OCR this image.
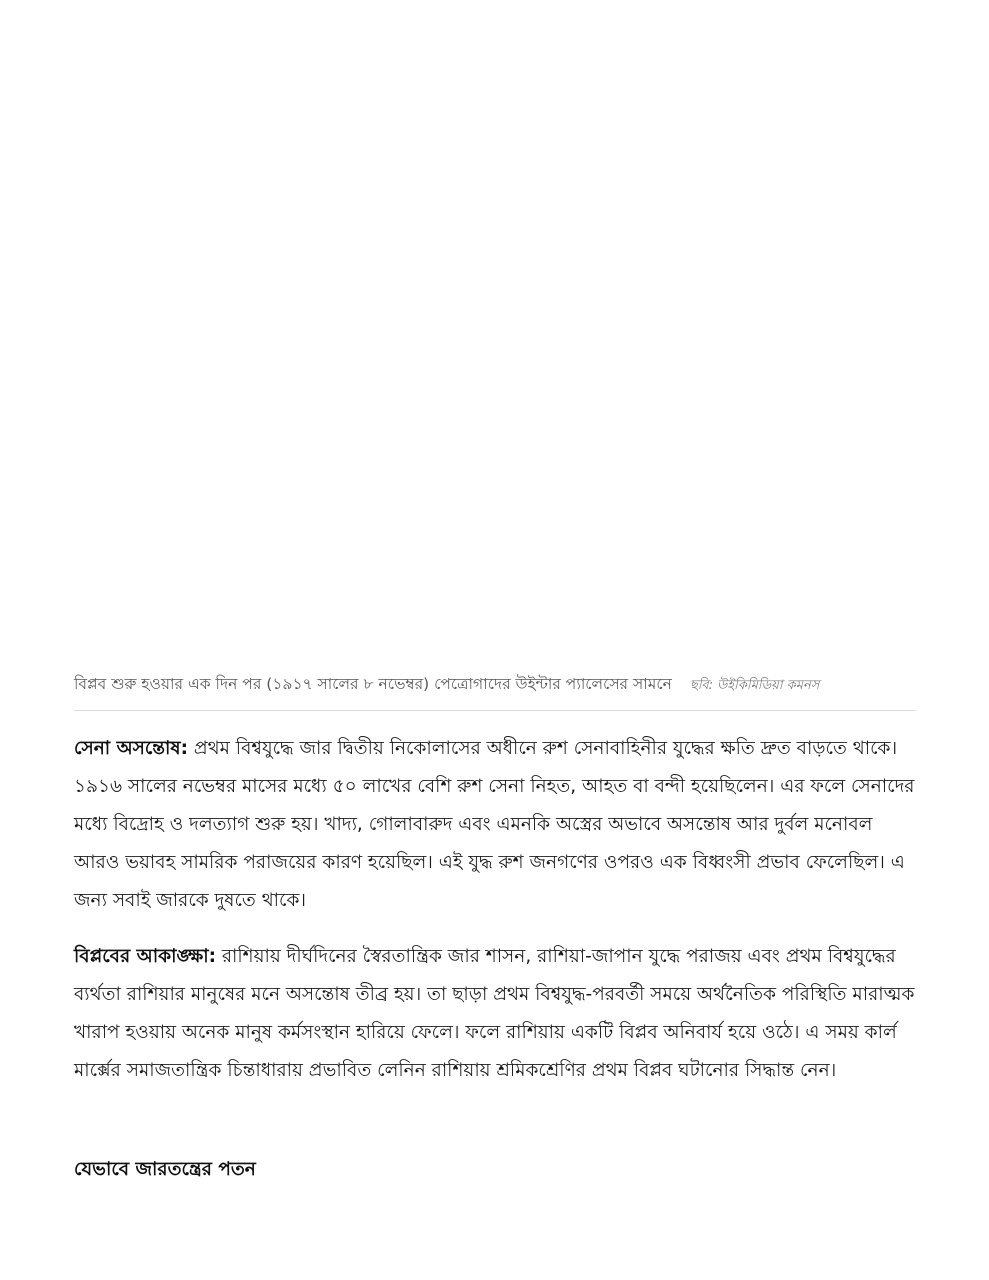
বিপ্লব শুরু হওয়ার এক দিন পর (১৯১৭ সালের ৮ নভেম্বর) পেত্রোগাদের উইন্টার প্যালেসের সামনে ছবি: উইকিমিডিয়া কমনস

সেনা অসন্তোষ: প্রথম বিশ্বযুদ্ধে জার দ্বিতীয় নিকোলাসের অধীনে রুশ সেনাবাহিনীর যুদ্ধের ক্ষতি দ্রুত বাড়তে থাকে। ১৯১৬ সালের নভেম্বর মাসের মধ্যে ৫০ লাখের বেশি রুশ সেনা নিহত, আহত বা বন্দী হয়েছিলেন। এর ফলে সেনাদের মধ্যে বিদ্রোহ ও দলত্যাগ শুরু হয়। খাদ্য, গোলাবারুদ এবং এমনকি অস্ত্রের অভাবে অসন্তোষ আর দুর্বল মনোবল আরও ভয়াবহ সামরিক পরাজয়ের কারণ হয়েছিল। এই যুদ্ধ রুশ জনগণের ওপরও এক বিধ্বংসী প্রভাব ফেলেছিল। এ জন্য সবাই জারকে দুষতে থাকে।

বিপ্লবের আকাঙ্ক্ষা: রাশিয়ায় দীর্ঘদিনের স্বৈরতান্ত্রিক জার শাসন, রাশিয়া-জাপান যুদ্ধে পরাজয় এবং প্রথম বিশ্বযুদ্ধের ব্যর্থতা রাশিয়ার মানুষের মনে অসন্তোষ তীব্র হয়। তা ছাড়া প্রথম বিশ্বযুদ্ধ-পরবর্তী সময়ে অর্থনৈতিক পরিস্থিতি মারাত্মক খারাপ হওয়ায় অনেক মানুষ কর্মসংস্থান হারিয়ে ফেলে। ফলে রাশিয়ায় একটি বিপ্লব অনিবার্য হয়ে ওঠে। এ সময় কার্ল মার্ক্সের সমাজতান্ত্রিক চিন্তাধারায় প্রভাবিত লেনিন রাশিয়ায় শ্রমিকশ্রেণির প্রথম বিপ্লব ঘটানোর সিদ্ধান্ত নেন।

যেভাবে জারতন্ত্রের পতন
